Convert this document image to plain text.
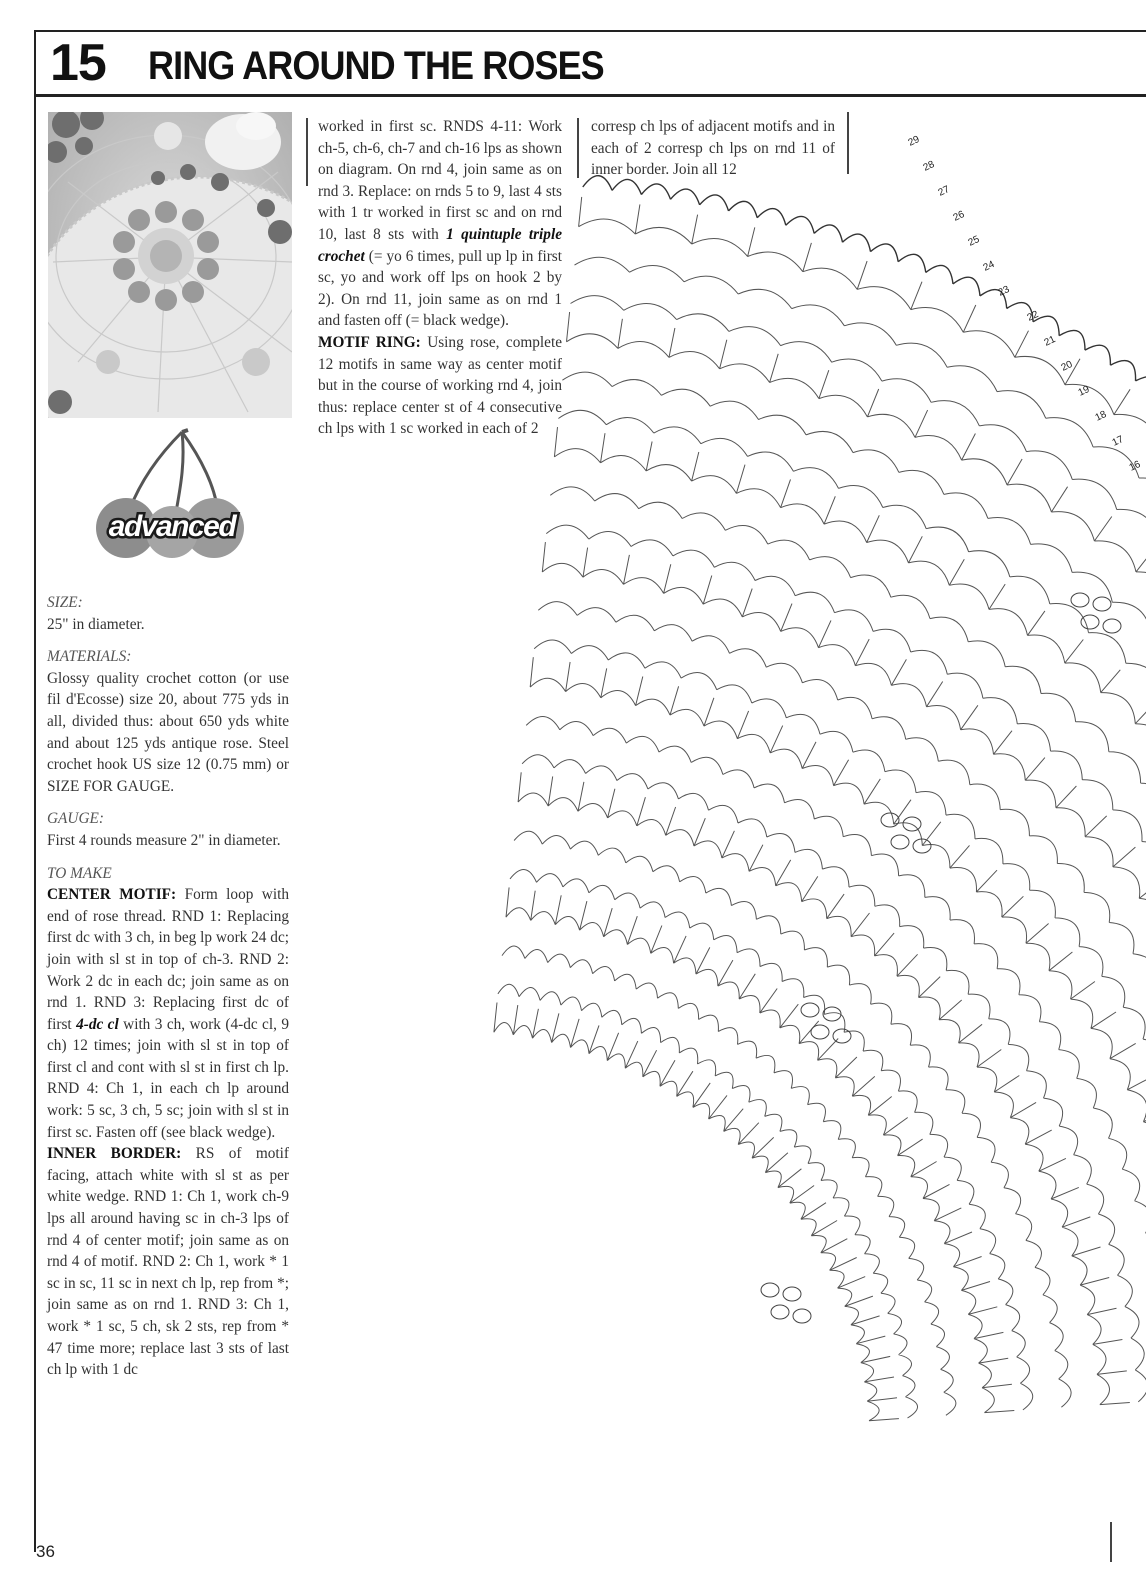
15 RING AROUND THE ROSES
advanced

SIZE:

25" in diameter.

MATERIALS:

Glossy quality crochet cotton (or use fil d'Ecosse) size 20, about 775 yds in all, divided thus: about 650 yds white and about 125 yds antique rose. Steel crochet hook US size 12 (0.75 mm) or SIZE FOR GAUGE.

GAUGE:

First 4 rounds measure 2" in diameter.

TO MAKE

CENTER MOTIF: Form loop with end of rose thread. RND 1: Replacing first dc with 3 ch, in beg lp work 24 dc; join with sl st in top of ch-3. RND 2: Work 2 dc in each dc; join same as on rnd 1. RND 3: Replacing first dc of first 4-dc cl with 3 ch, work (4-dc cl, 9 ch) 12 times; join with sl st in top of first cl and cont with sl st in first ch lp. RND 4: Ch 1, in each ch lp around work: 5 sc, 3 ch, 5 sc; join with sl st in first sc. Fasten off (see black wedge).

INNER BORDER: RS of motif facing, attach white with sl st as per white wedge. RND 1: Ch 1, work ch-9 lps all around having sc in ch-3 lps of rnd 4 of center motif; join same as on rnd 4 of motif. RND 2: Ch 1, work * 1 sc in sc, 11 sc in next ch lp, rep from *; join same as on rnd 1. RND 3: Ch 1, work * 1 sc, 5 ch, sk 2 sts, rep from * 47 time more; replace last 3 sts of last ch lp with 1 dc

worked in first sc. RNDS 4-11: Work ch-5, ch-6, ch-7 and ch-16 lps as shown on diagram. On rnd 4, join same as on rnd 3. Replace: on rnds 5 to 9, last 4 sts with 1 tr worked in first sc and on rnd 10, last 8 sts with 1 quintuple triple crochet (= yo 6 times, pull up lp in first sc, yo and work off lps on hook 2 by 2). On rnd 11, join same as on rnd 1 and fasten off (= black wedge).

MOTIF RING: Using rose, complete 12 motifs in same way as center motif but in the course of working rnd 4, join thus: replace center st of 4 consecutive ch lps with 1 sc worked in each of 2

corresp ch lps of adjacent motifs and in each of 2 corresp ch lps on rnd 11 of inner border. Join all 12

29
28
27
26
25
24
23
22
21
20
19
18
17
16
36
